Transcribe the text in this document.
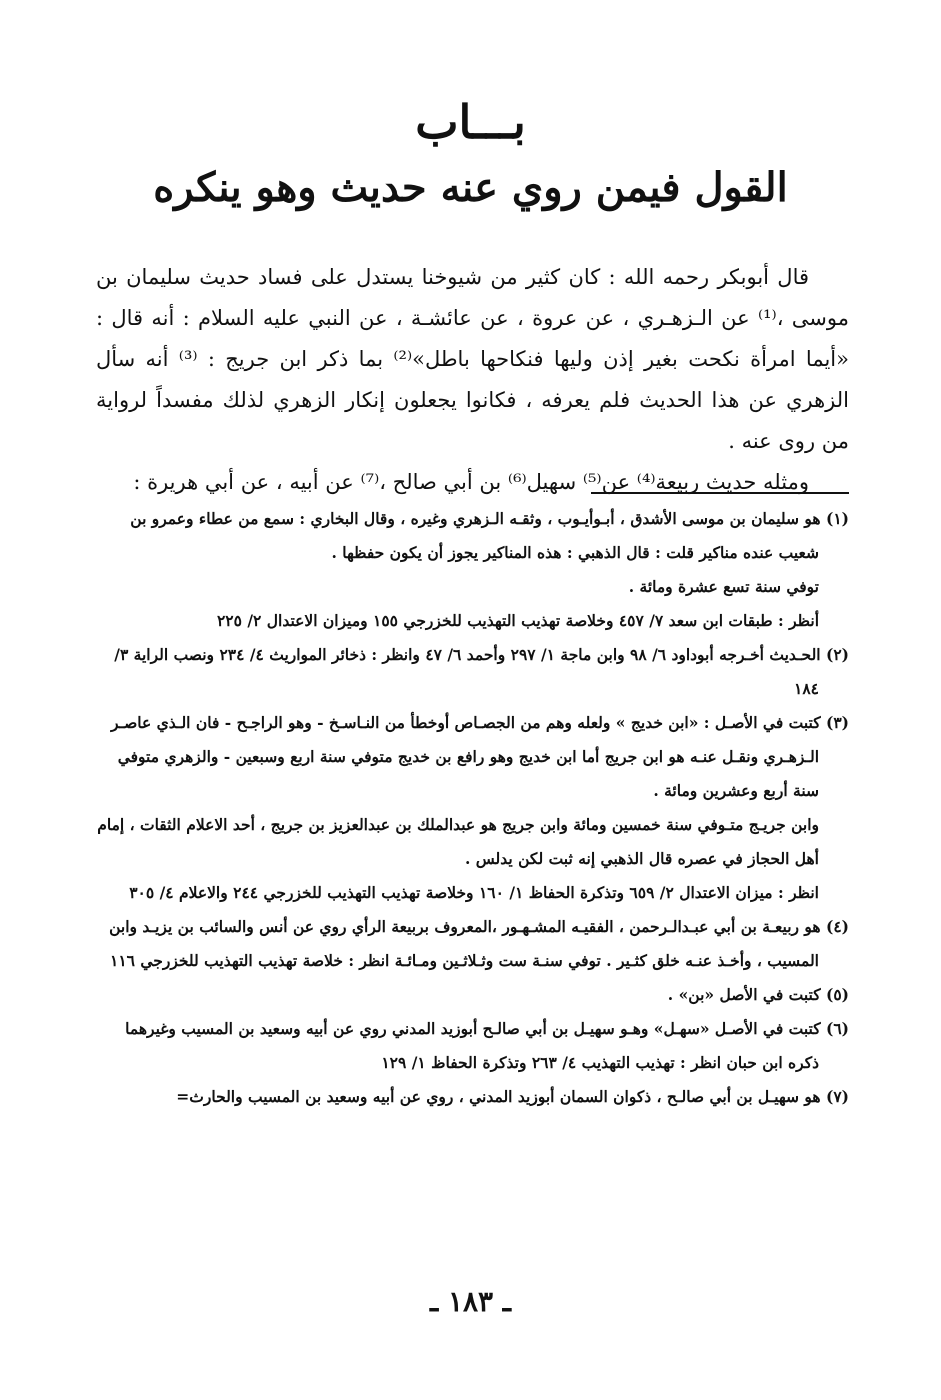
بـــاب
القول فيمن روي عنه حديث وهو ينكره

قال أبوبكر رحمه الله : كان كثير من شيوخنا يستدل على فساد حديث سليمان بن موسى ،⁽¹⁾ عن الـزهـري ، عن عروة ، عن عائشـة ، عن النبي عليه السلام : أنه قال : «أيما امرأة نكحت بغير إذن وليها فنكاحها باطل»⁽²⁾ بما ذكر ابن جريج : ⁽³⁾ أنه سأل الزهري عن هذا الحديث فلم يعرفه ، فكانوا يجعلون إنكار الزهري لذلك مفسداً لرواية من روى عنه .

ومثله حديث ربيعة⁽⁴⁾ عن⁽⁵⁾ سهيل⁽⁶⁾ بن أبي صالح ،⁽⁷⁾ عن أبيه ، عن أبي هريرة :

(١) هو سليمان بن موسى الأشدق ، أبـوأيـوب ، وثقـه الـزهري وغيره ، وقال البخاري : سمع من عطاء وعمرو بن شعيب عنده مناكير قلت : قال الذهبي : هذه المناكير يجوز أن يكون حفظها .

توفي سنة تسع عشرة ومائة .

أنظر : طبقات ابن سعد ٧/ ٤٥٧ وخلاصة تهذيب التهذيب للخزرجي ١٥٥ وميزان الاعتدال ٢/ ٢٢٥

(٢) الحـديث أخـرجه أبوداود ٦/ ٩٨ وابن ماجة ١/ ٢٩٧ وأحمد ٦/ ٤٧ وانظر : ذخائر المواريث ٤/ ٢٣٤ ونصب الراية ٣/ ١٨٤

(٣) كتبت في الأصـل : «ابن خديج » ولعله وهم من الجصـاص أوخطأ من النـاسـخ - وهو الراجـح - فان الـذي عاصـر الـزهـري ونقـل عنـه هو ابن جريج أما ابن خديج وهو رافع بن خديج متوفي سنة اربع وسبعين - والزهري متوفي سنة أربع وعشرين ومائة .

وابن جريـج متـوفي سنة خمسين ومائة وابن جريج هو عبدالملك بن عبدالعزيز بن جريج ، أحد الاعلام الثقات ، إمام أهل الحجاز في عصره قال الذهبي إنه ثبت لكن يدلس .

انظر : ميزان الاعتدال ٢/ ٦٥٩ وتذكرة الحفاظ ١/ ١٦٠ وخلاصة تهذيب التهذيب للخزرجي ٢٤٤ والاعلام ٤/ ٣٠٥

(٤) هو ربيعـة بن أبي عبـدالـرحمن ، الفقيـه المشـهـور ،المعروف بربيعة الرأي روي عن أنس والسائب بن يزيـد وابن المسيب ، وأخـذ عنـه خلق كثـير . توفي سنـة ست وثـلاثـين ومـائـة انظر : خلاصة تهذيب التهذيب للخزرجي ١١٦

(٥) كتبت في الأصل «بن» .

(٦) كتبت في الأصـل «سهـل» وهـو سهيـل بن أبي صالـح أبوزيد المدني روي عن أبيه وسعيد بن المسيب وغيرهما ذكره ابن حبان انظر : تهذيب التهذيب ٤/ ٢٦٣ وتذكرة الحفاظ ١/ ١٢٩

(٧) هو سهيـل بن أبي صالـح ، ذكوان السمان أبوزيد المدني ، روي عن أبيه وسعيد بن المسيب والحارث=

ـ ١٨٣ ـ
